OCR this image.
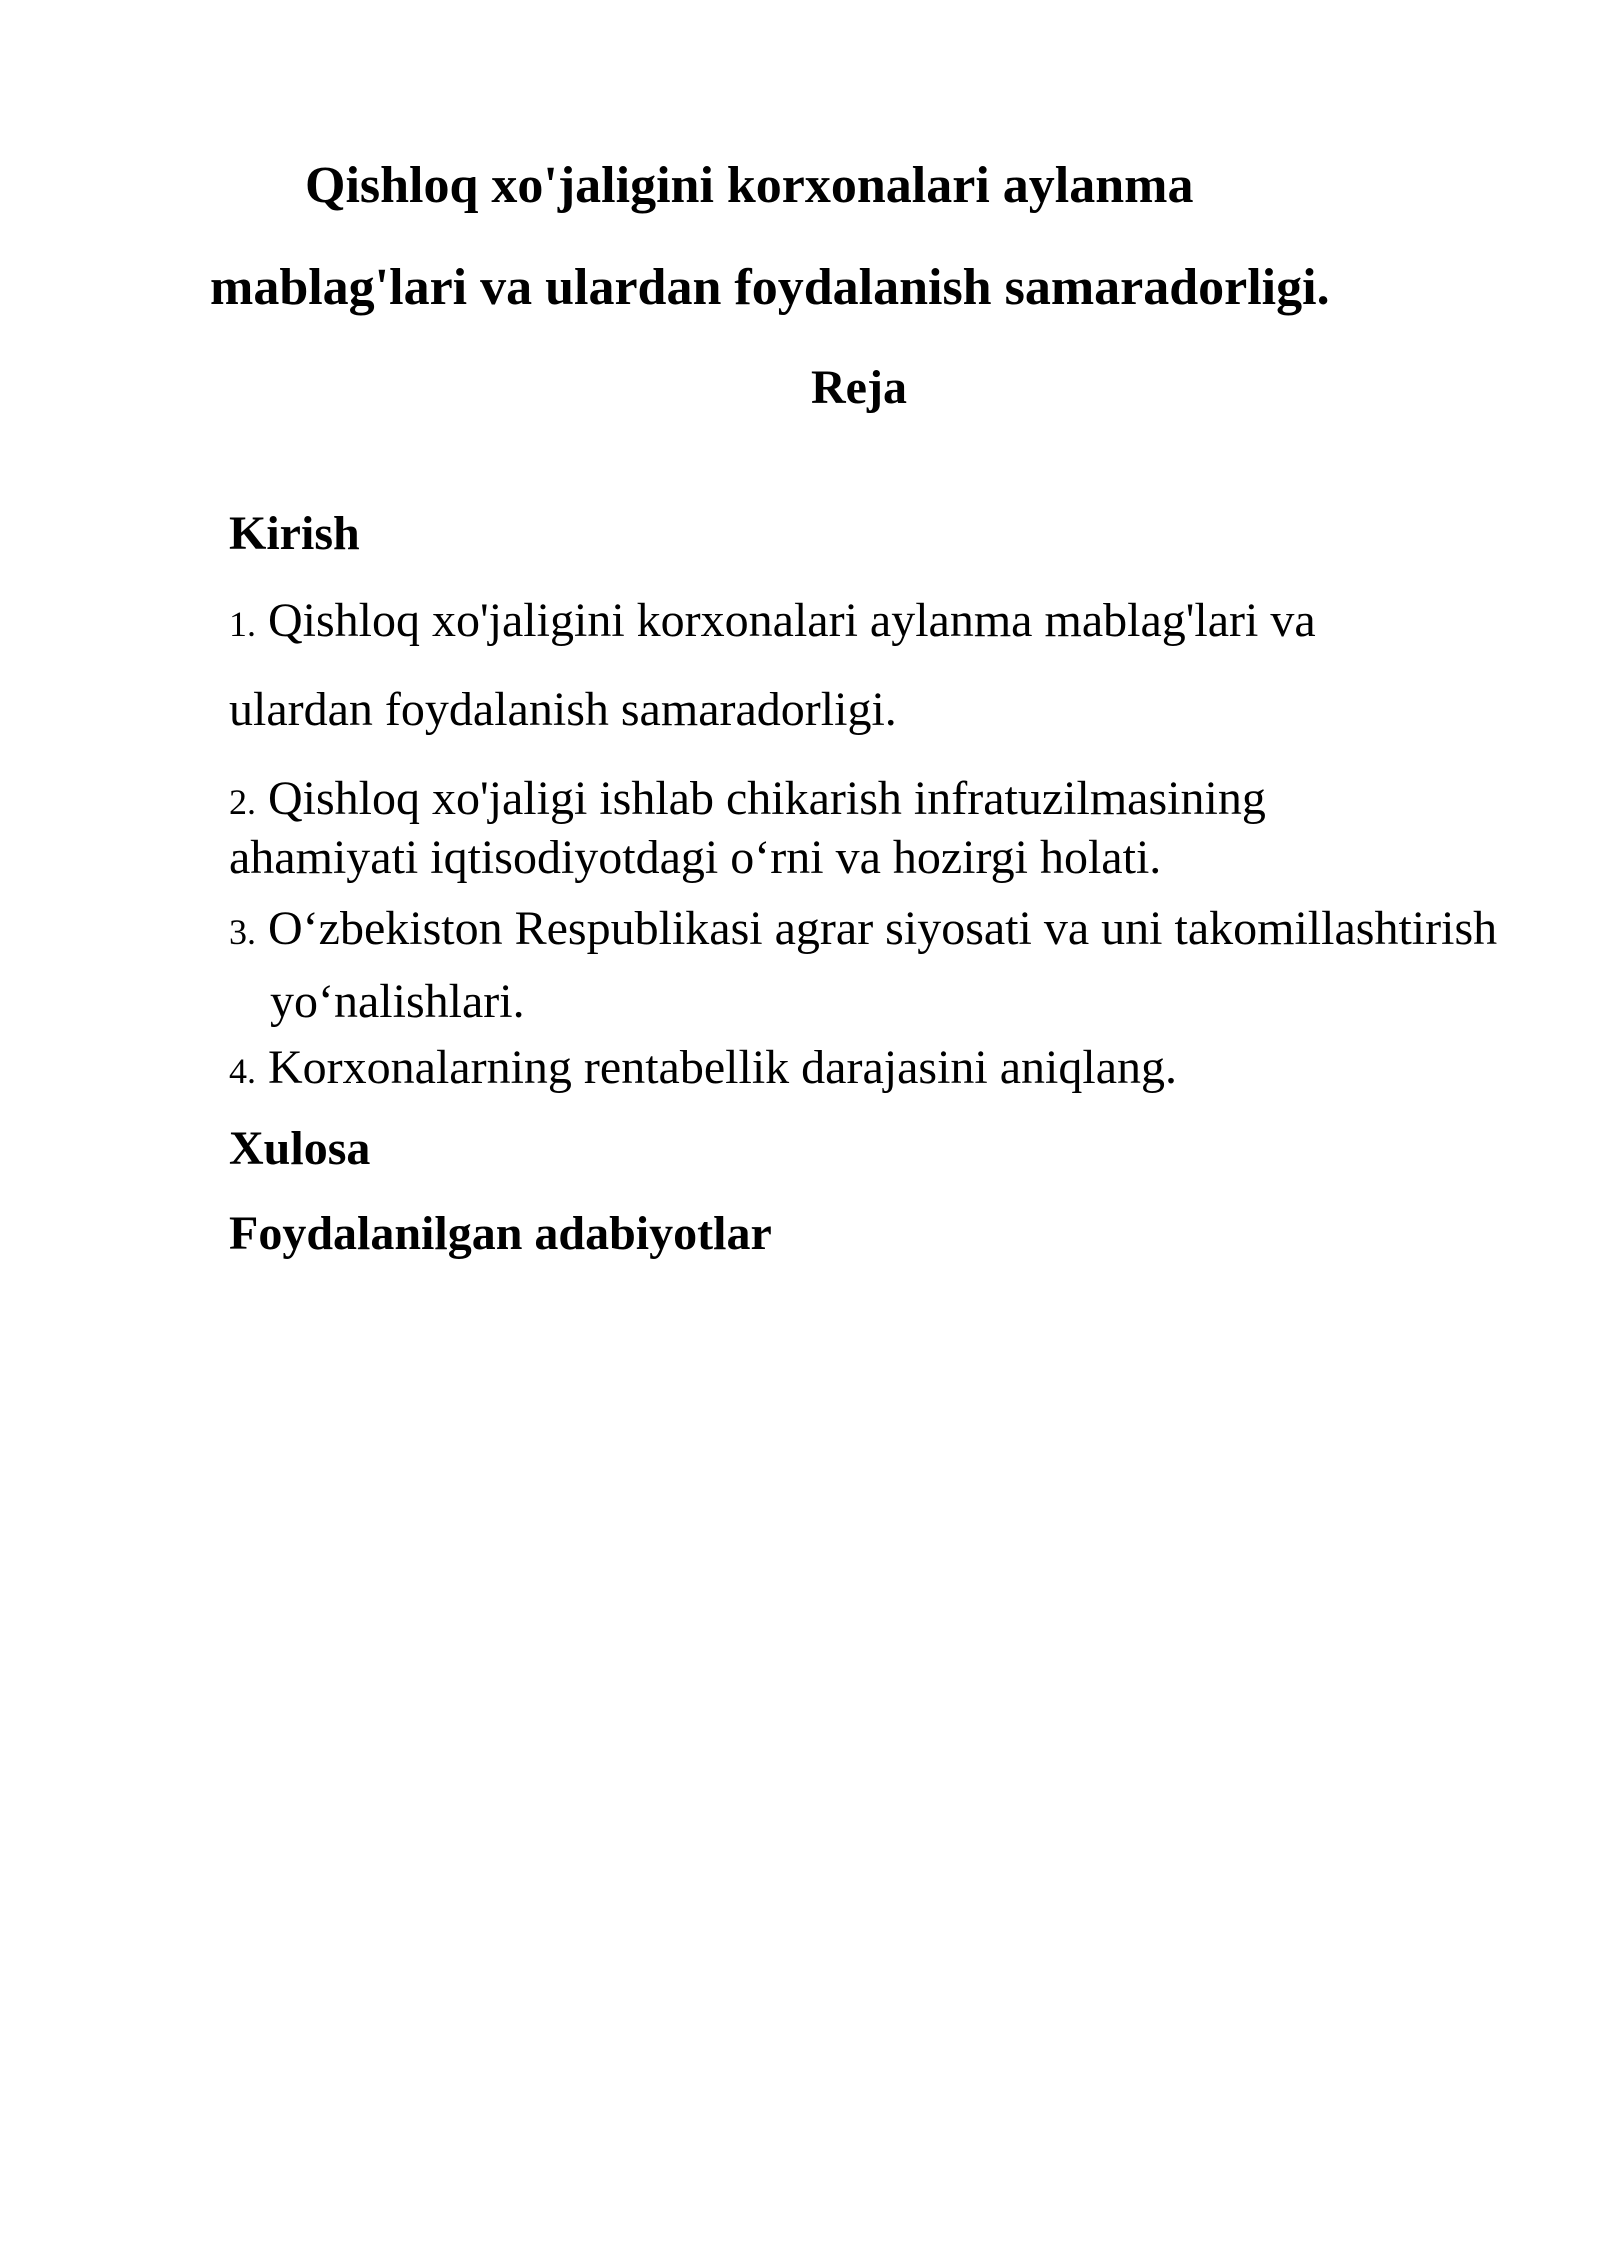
Qishloq xo'jaligini korxonalari aylanma
mablag'lari va ulardan foydalanish samaradorligi.
Reja
Kirish
1. Qishloq xo'jaligini korxonalari aylanma mablag'lari va
ulardan foydalanish samaradorligi.
2. Qishloq xo'jaligi ishlab chikarish infratuzilmasining
ahamiyati iqtisodiyotdagi o‘rni va hozirgi holati.
3. O‘zbekiston Respublikasi agrar siyosati va uni takomillashtirish
yo‘nalishlari.
4. Korxonalarning rentabellik darajasini aniqlang.
Xulosa
Foydalanilgan adabiyotlar
